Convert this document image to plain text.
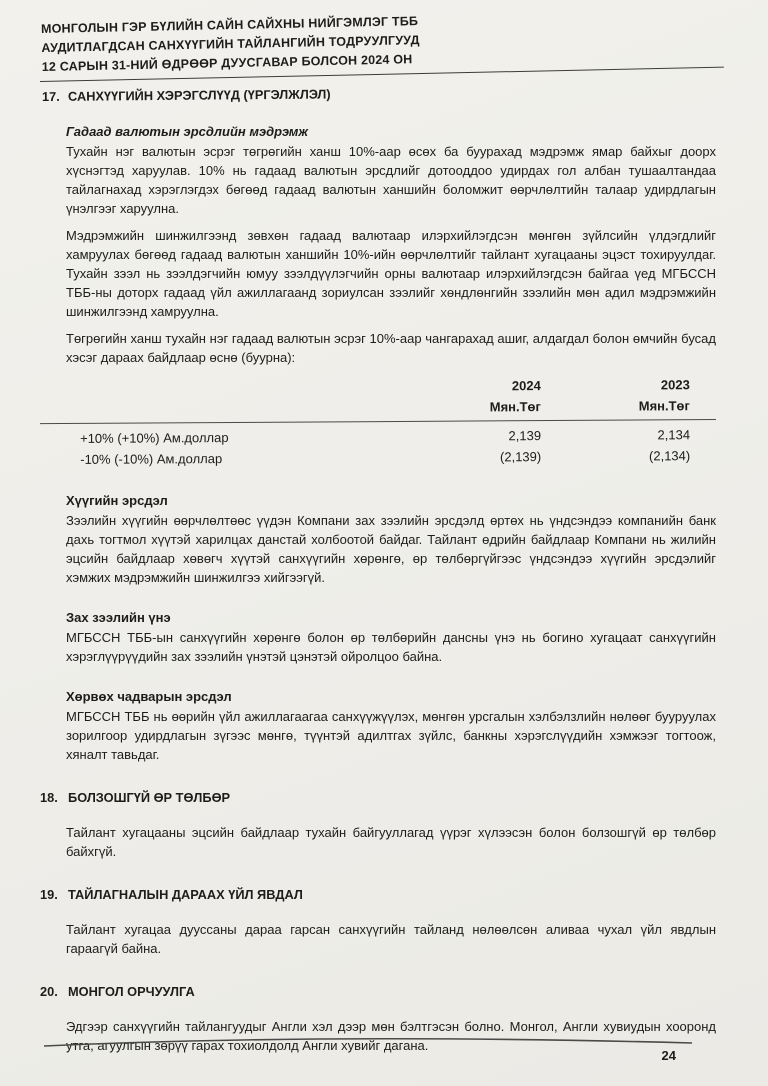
МОНГОЛЫН ГЭР БҮЛИЙН САЙН САЙХНЫ НИЙГЭМЛЭГ ТББ
АУДИТЛАГДСАН САНХҮҮГИЙН ТАЙЛАНГИЙН ТОДРУУЛГУУД
12 САРЫН 31-НИЙ ӨДРӨӨР ДУУСГАВАР БОЛСОН 2024 ОН
17. САНХҮҮГИЙН ХЭРЭГСЛҮҮД (ҮРГЭЛЖЛЭЛ)

Гадаад валютын эрсдлийн мэдрэмж

Тухайн нэг валютын эсрэг төгрөгийн ханш 10%-аар өсөх ба буурахад мэдрэмж ямар байхыг доорх хүснэгтэд харуулав. 10% нь гадаад валютын эрсдлийг дотооддоо удирдах гол албан тушаалтандаа тайлагнахад хэрэглэгдэх бөгөөд гадаад валютын ханшийн боломжит өөрчлөлтийн талаар удирдлагын үнэлгээг харуулна.

Мэдрэмжийн шинжилгээнд зөвхөн гадаад валютаар илэрхийлэгдсэн мөнгөн зүйлсийн үлдэгдлийг хамруулах бөгөөд гадаад валютын ханшийн 10%-ийн өөрчлөлтийг тайлант хугацааны эцэст тохируулдаг. Тухайн зээл нь зээлдэгчийн юмуу зээлдүүлэгчийн орны валютаар илэрхийлэгдсэн байгаа үед МГБССН ТББ-ны доторх гадаад үйл ажиллагаанд зориулсан зээлийг хөндлөнгийн зээлийн мөн адил мэдрэмжийн шинжилгээнд хамруулна.

Төгрөгийн ханш тухайн нэг гадаад валютын эсрэг 10%-аар чангарахад ашиг, алдагдал болон өмчийн бусад хэсэг дараах байдлаар өснө (буурна):

2024	2023
Мян.Төг	Мян.Төг
+10% (+10%) Ам.доллар	2,139	2,134
-10% (-10%) Ам.доллар	(2,139)	(2,134)

Хүүгийн эрсдэл

Зээлийн хүүгийн өөрчлөлтөөс үүдэн Компани зах зээлийн эрсдэлд өртөх нь үндсэндээ компанийн банк дахь тогтмол хүүтэй харилцах данстай холбоотой байдаг. Тайлант өдрийн байдлаар Компани нь жилийн эцсийн байдлаар хөвөгч хүүтэй санхүүгийн хөрөнгө, өр төлбөргүйгээс үндсэндээ хүүгийн эрсдэлийг хэмжих мэдрэмжийн шинжилгээ хийгээгүй.

Зах зээлийн үнэ

МГБССН ТББ-ын санхүүгийн хөрөнгө болон өр төлбөрийн дансны үнэ нь богино хугацаат санхүүгийн хэрэглүүрүүдийн зах зээлийн үнэтэй цэнэтэй ойролцоо байна.

Хөрвөх чадварын эрсдэл

МГБССН ТББ нь өөрийн үйл ажиллагаагаа санхүүжүүлэх, мөнгөн урсгалын хэлбэлзлийн нөлөөг бууруулах зорилгоор удирдлагын зүгээс мөнгө, түүнтэй адилтгах зүйлс, банкны хэрэгслүүдийн хэмжээг тогтоож, хяналт тавьдаг.

18. БОЛЗОШГҮЙ ӨР ТӨЛБӨР

Тайлант хугацааны эцсийн байдлаар тухайн байгууллагад үүрэг хүлээсэн болон болзошгүй өр төлбөр байхгүй.

19. ТАЙЛАГНАЛЫН ДАРААХ ҮЙЛ ЯВДАЛ

Тайлант хугацаа дууссаны дараа гарсан санхүүгийн тайланд нөлөөлсөн аливаа чухал үйл явдлын гараагүй байна.

20. МОНГОЛ ОРЧУУЛГА

Эдгээр санхүүгийн тайлангуудыг Англи хэл дээр мөн бэлтгэсэн болно. Монгол, Англи хувиудын хооронд утга, агуулгын зөрүү гарах тохиолдолд Англи хувийг дагана.

24
